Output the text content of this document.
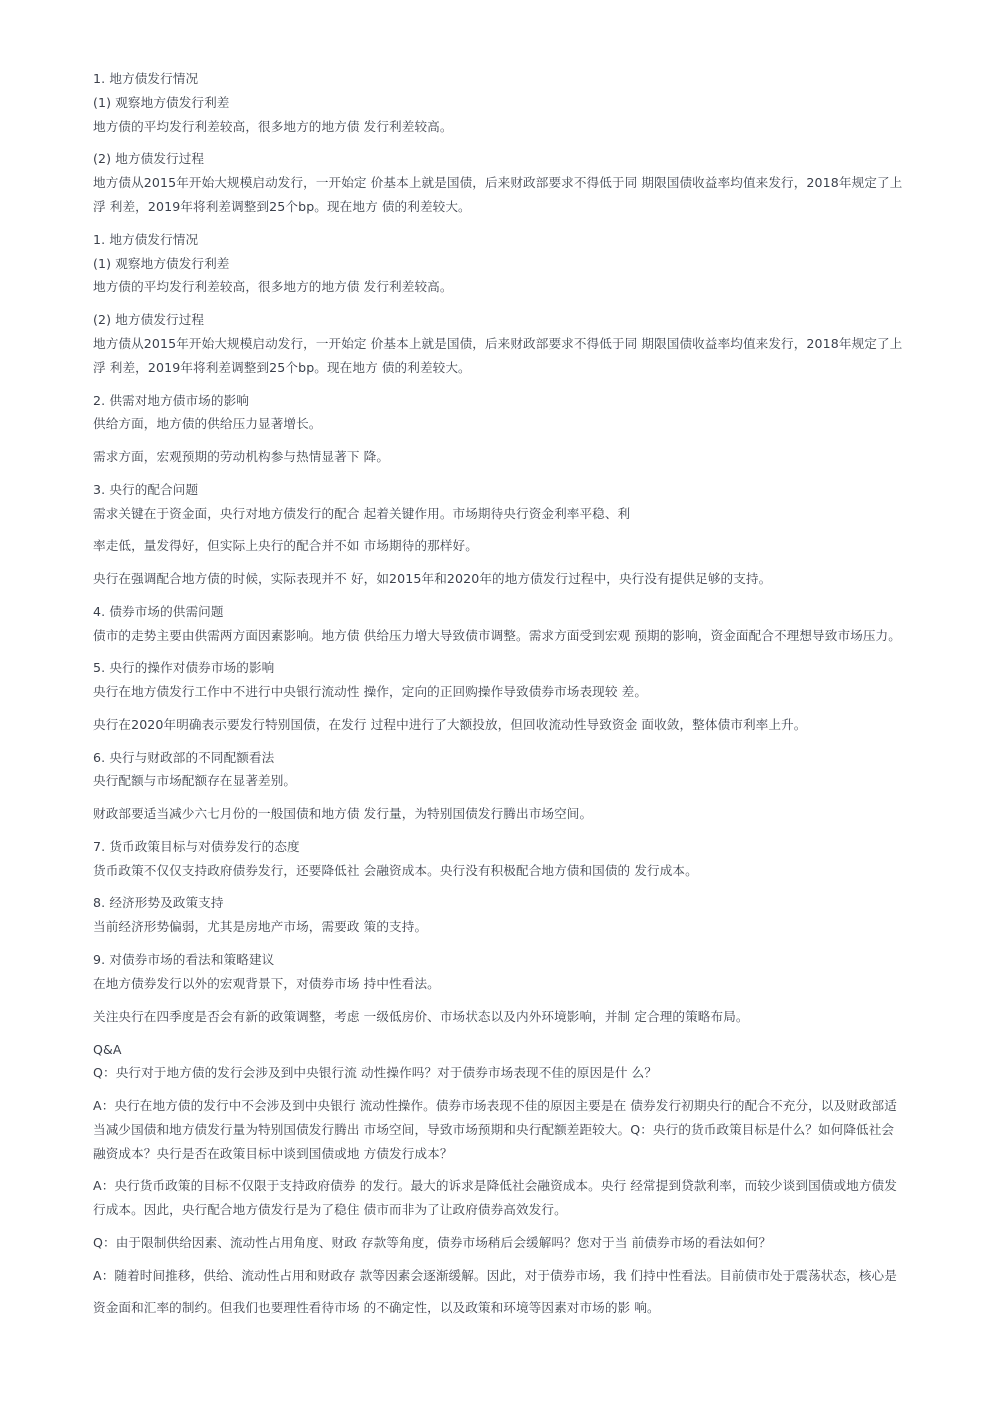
1. 地方债发行情况
(1) 观察地方债发行利差
地方债的平均发行利差较高，很多地方的地方债 发行利差较高。
(2) 地方债发行过程
地方债从2015年开始大规模启动发行，一开始定 价基本上就是国债，后来财政部要求不得低于同 期限国债收益率均值来发行，2018年规定了上
浮 利差，2019年将利差调整到25个bp。现在地方 债的利差较大。
1. 地方债发行情况
(1) 观察地方债发行利差
地方债的平均发行利差较高，很多地方的地方债 发行利差较高。
(2) 地方债发行过程
地方债从2015年开始大规模启动发行，一开始定 价基本上就是国债，后来财政部要求不得低于同 期限国债收益率均值来发行，2018年规定了上
浮 利差，2019年将利差调整到25个bp。现在地方 债的利差较大。
2. 供需对地方债市场的影响
供给方面，地方债的供给压力显著增长。
需求方面，宏观预期的劳动机构参与热情显著下 降。
3. 央行的配合问题
需求关键在于资金面，央行对地方债发行的配合 起着关键作用。市场期待央行资金利率平稳、利
率走低，量发得好，但实际上央行的配合并不如 市场期待的那样好。
央行在强调配合地方债的时候，实际表现并不 好，如2015年和2020年的地方债发行过程中，央行没有提供足够的支持。
4. 债券市场的供需问题
债市的走势主要由供需两方面因素影响。地方债 供给压力增大导致债市调整。需求方面受到宏观 预期的影响，资金面配合不理想导致市场压力。
5. 央行的操作对债券市场的影响
央行在地方债发行工作中不进行中央银行流动性 操作，定向的正回购操作导致债券市场表现较 差。
央行在2020年明确表示要发行特别国债，在发行 过程中进行了大额投放，但回收流动性导致资金 面收敛，整体债市利率上升。
6. 央行与财政部的不同配额看法
央行配额与市场配额存在显著差别。
财政部要适当减少六七月份的一般国债和地方债 发行量，为特别国债发行腾出市场空间。
7. 货币政策目标与对债券发行的态度
货币政策不仅仅支持政府债券发行，还要降低社 会融资成本。央行没有积极配合地方债和国债的 发行成本。
8. 经济形势及政策支持
当前经济形势偏弱，尤其是房地产市场，需要政 策的支持。
9. 对债券市场的看法和策略建议
在地方债券发行以外的宏观背景下，对债券市场 持中性看法。
关注央行在四季度是否会有新的政策调整，考虑 一级低房价、市场状态以及内外环境影响，并制 定合理的策略布局。
Q&A
Q：央行对于地方债的发行会涉及到中央银行流 动性操作吗？对于债券市场表现不佳的原因是什 么？
A：央行在地方债的发行中不会涉及到中央银行 流动性操作。债券市场表现不佳的原因主要是在 债券发行初期央行的配合不充分，以及财政部适
当减少国债和地方债发行量为特别国债发行腾出 市场空间，导致市场预期和央行配额差距较大。Q：央行的货币政策目标是什么？如何降低社会
融资成本？央行是否在政策目标中谈到国债或地 方债发行成本？
A：央行货币政策的目标不仅限于支持政府债券 的发行。最大的诉求是降低社会融资成本。央行 经常提到贷款利率，而较少谈到国债或地方债发
行成本。因此，央行配合地方债发行是为了稳住 债市而非为了让政府债券高效发行。
Q：由于限制供给因素、流动性占用角度、财政 存款等角度，债券市场稍后会缓解吗？您对于当 前债券市场的看法如何？
A：随着时间推移，供给、流动性占用和财政存 款等因素会逐渐缓解。因此，对于债券市场，我 们持中性看法。目前债市处于震荡状态，核心是
资金面和汇率的制约。但我们也要理性看待市场 的不确定性，以及政策和环境等因素对市场的影 响。
